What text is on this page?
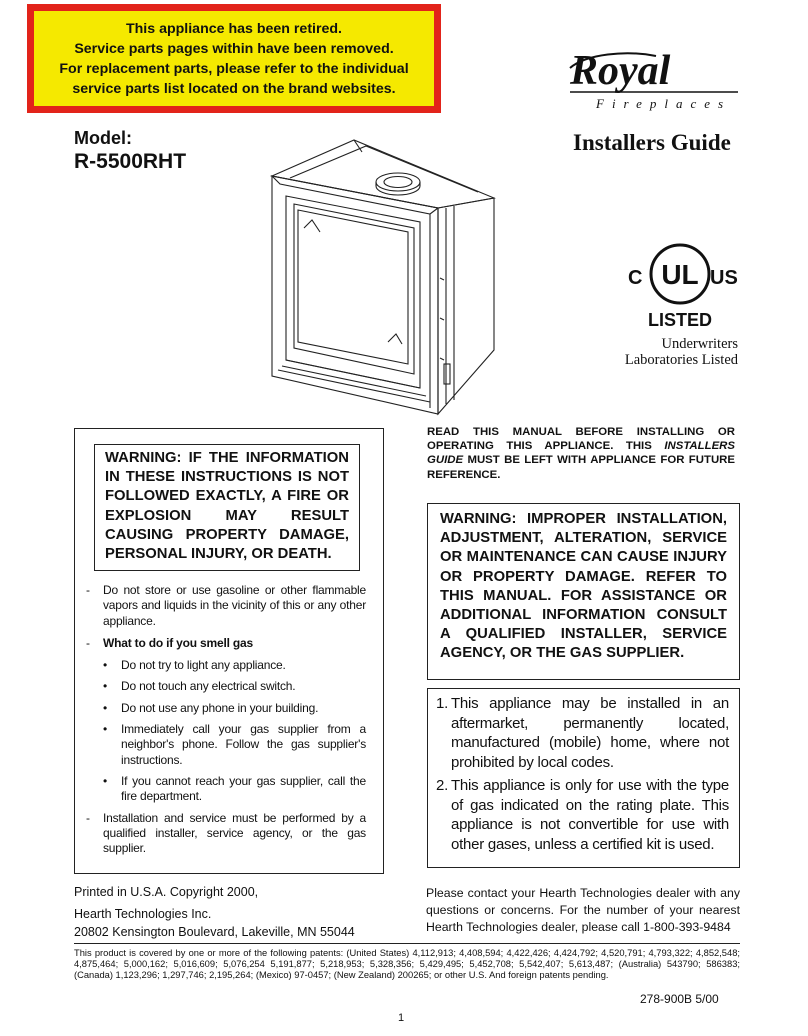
This appliance has been retired.
Service parts pages within have been removed.
For replacement parts, please refer to the individual
service parts list located on the brand websites.	Royal
Fireplaces
Model:
R-5500RHT
Installers Guide
UL
C	US
LISTED
Underwriters
Laboratories Listed
WARNING: IF THE INFORMATION IN THESE INSTRUCTIONS IS NOT FOLLOWED EXACTLY, A FIRE OR EXPLOSION MAY RESULT CAUSING PROPERTY DAMAGE, PERSONAL INJURY, OR DEATH.
- Do not store or use gasoline or other flammable vapors and liquids in the vicinity of this or any other appliance.
- What to do if you smell gas
• Do not try to light any appliance.
• Do not touch any electrical switch.
• Do not use any phone in your building.
• Immediately call your gas supplier from a neighbor's phone. Follow the gas supplier's instructions.
• If you cannot reach your gas supplier, call the fire department.
- Installation and service must be performed by a qualified installer, service agency, or the gas supplier.
READ THIS MANUAL BEFORE INSTALLING OR OPERATING THIS APPLIANCE. THIS INSTALLERS GUIDE MUST BE LEFT WITH APPLIANCE FOR FUTURE REFERENCE.
WARNING: IMPROPER INSTALLATION, ADJUSTMENT, ALTERATION, SERVICE OR MAINTENANCE CAN CAUSE INJURY OR PROPERTY DAMAGE. REFER TO THIS MANUAL. FOR ASSISTANCE OR ADDITIONAL INFORMATION CONSULT A QUALIFIED INSTALLER, SERVICE AGENCY, OR THE GAS SUPPLIER.
1. This appliance may be installed in an aftermarket, permanently located, manufactured (mobile) home, where not prohibited by local codes.
2. This appliance is only for use with the type of gas indicated on the rating plate. This appliance is not convertible for use with other gases, unless a certified kit is used.
Printed in U.S.A. Copyright 2000,
Hearth Technologies Inc.
20802 Kensington Boulevard, Lakeville, MN 55044
Please contact your Hearth Technologies dealer with any questions or concerns. For the number of your nearest Hearth Technologies dealer, please call 1-800-393-9484
This product is covered by one or more of the following patents: (United States) 4,112,913; 4,408,594; 4,422,426; 4,424,792; 4,520,791; 4,793,322; 4,852,548; 4,875,464; 5,000,162; 5,016,609; 5,076,254 5,191,877; 5,218,953; 5,328,356; 5,429,495; 5,452,708; 5,542,407; 5,613,487; (Australia) 543790; 586383; (Canada) 1,123,296; 1,297,746; 2,195,264; (Mexico) 97-0457; (New Zealand) 200265; or other U.S. And foreign patents pending.
278-900B 5/00
1
